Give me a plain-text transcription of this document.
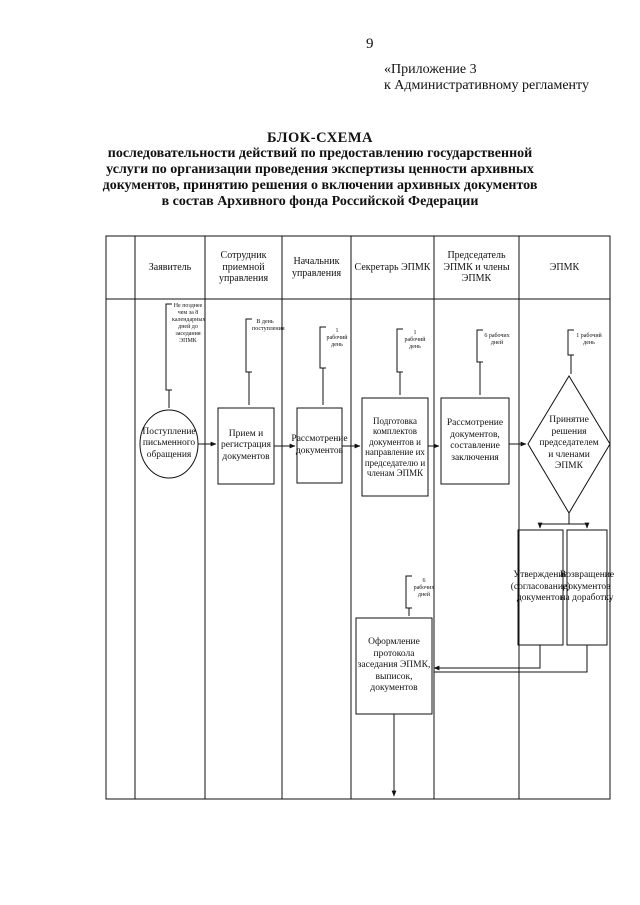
9
«Приложение 3
к Административному регламенту
БЛОК-СХЕМА
последовательности действий по предоставлению государственной
услуги по организации проведения экспертизы ценности архивных
документов, принятию решения о включении архивных документов
в состав Архивного фонда Российской Федерации
Заявитель
Сотрудник приемной управления
Начальник управления
Секретарь ЭПМК
Председатель ЭПМК и члены ЭПМК
ЭПМК
Не позднее чем за 8 календарных дней до заседания ЭПМК
В день поступления	1 рабочий день
1 рабочий день
6 рабочих дней
1 рабочий день
6 рабочих дней
Поступление письменного обращения
Прием и регистрация документов
Рассмотрение документов
Подготовка комплектов документов и направление их председателю и членам ЭПМК
Рассмотрение документов, составление заключения
Принятие решения председателем и членами ЭПМК
Утверждение (согласование) документов
Возвращение документов на доработку
Оформление протокола заседания ЭПМК, выписок, документов
